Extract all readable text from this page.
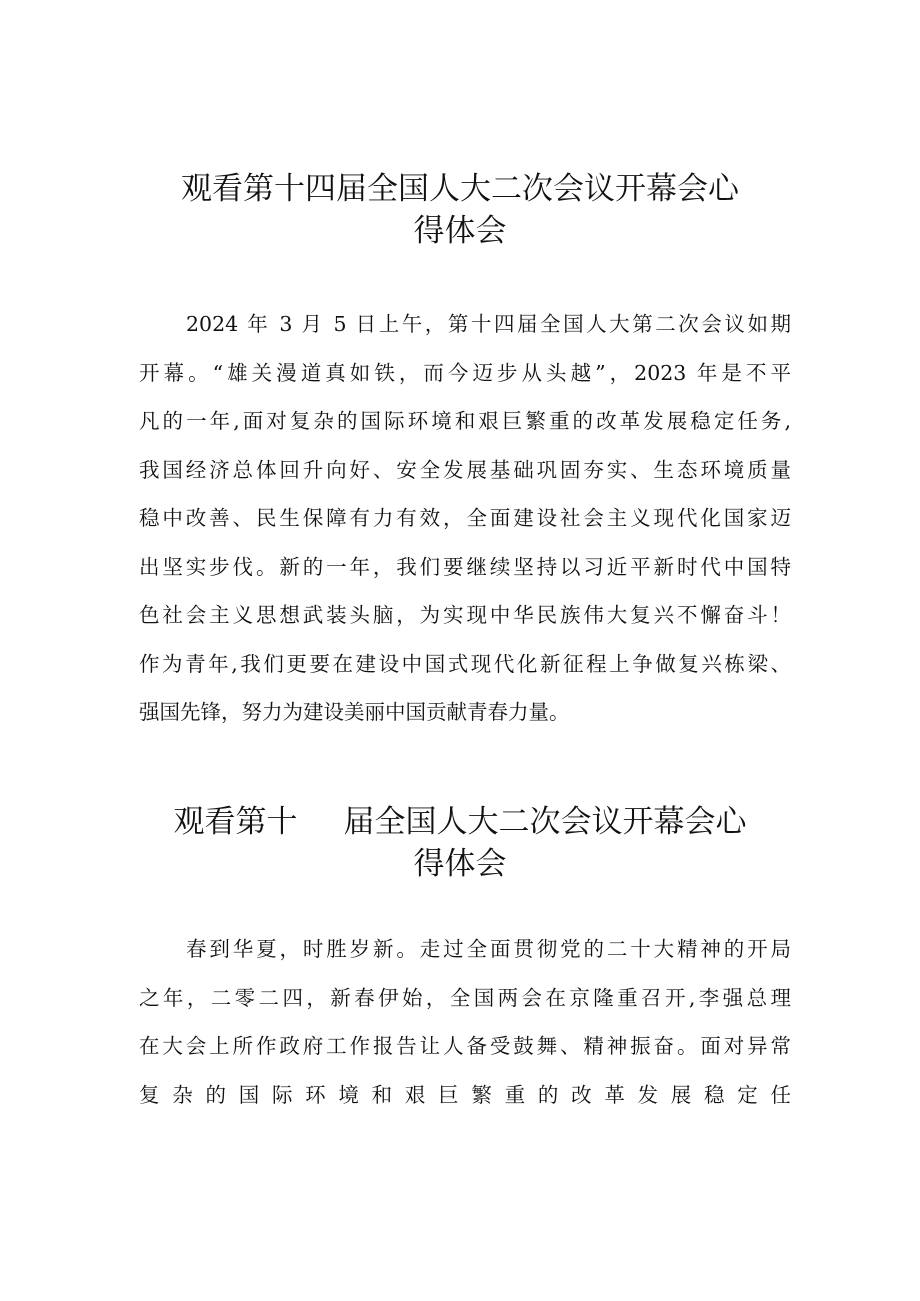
观看第十四届全国人大二次会议开幕会心
得体会
2024 年 3 月 5 日上午，第十四届全国人大第二次会议如期
开幕。“雄关漫道真如铁，而今迈步从头越”，2023 年是不平
凡的一年,面对复杂的国际环境和艰巨繁重的改革发展稳定任务,
我国经济总体回升向好、安全发展基础巩固夯实、生态环境质量
稳中改善、民生保障有力有效，全面建设社会主义现代化国家迈
出坚实步伐。新的一年，我们要继续坚持以习近平新时代中国特
色社会主义思想武装头脑，为实现中华民族伟大复兴不懈奋斗！
作为青年,我们更要在建设中国式现代化新征程上争做复兴栋梁、
强国先锋，努力为建设美丽中国贡献青春力量。
观看第十 届全国人大二次会议开幕会心
得体会
春到华夏，时胜岁新。走过全面贯彻党的二十大精神的开局
之年，二零二四，新春伊始，全国两会在京隆重召开,李强总理
在大会上所作政府工作报告让人备受鼓舞、精神振奋。面对异常
复杂的国际环境和艰巨繁重的改革发展稳定任
